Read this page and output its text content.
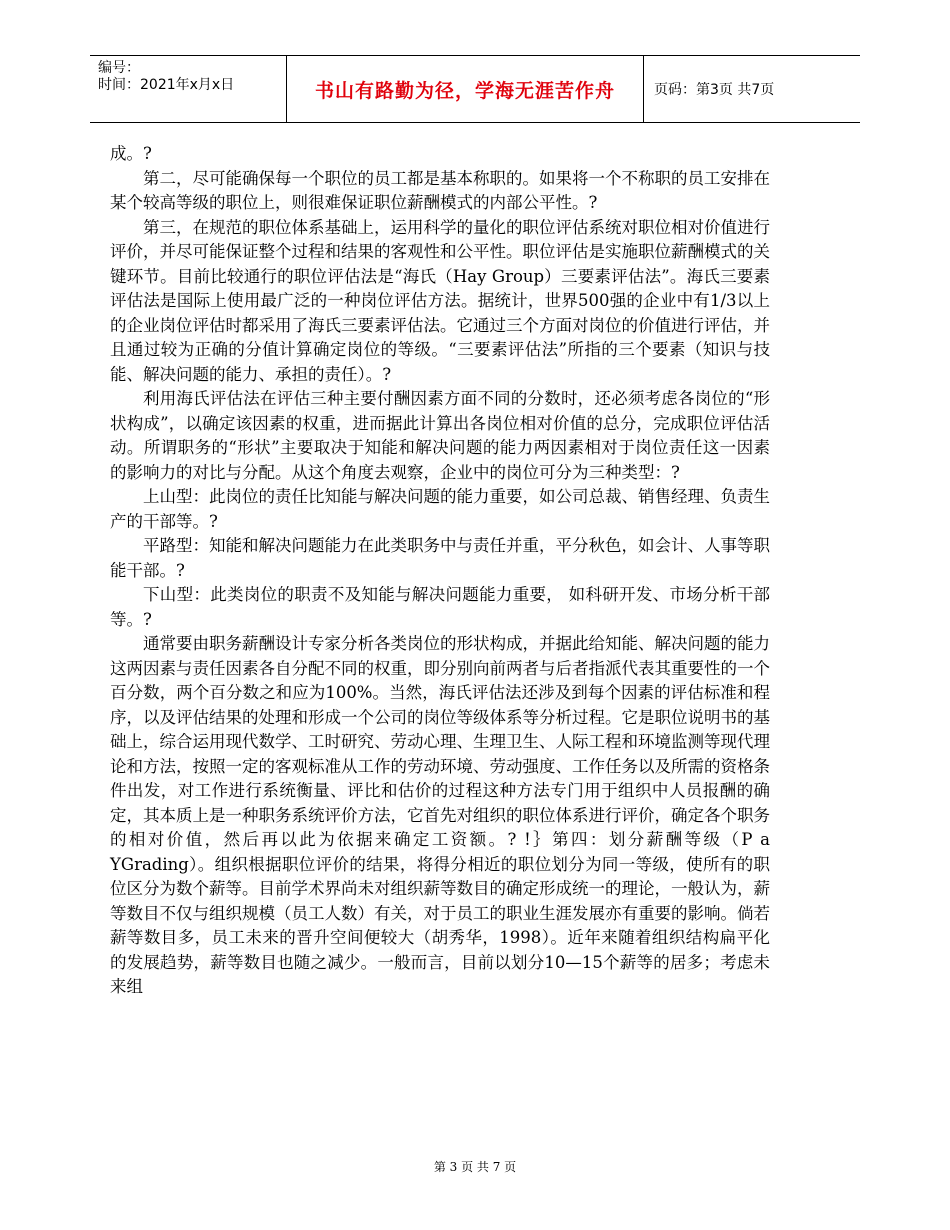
编号：
时间：2021年x月x日	书山有路勤为径，学海无涯苦作舟	页码：第3页 共7页

成。?

第二，尽可能确保每一个职位的员工都是基本称职的。如果将一个不称职的员工安排在某个较高等级的职位上，则很难保证职位薪酬模式的内部公平性。?

第三，在规范的职位体系基础上，运用科学的量化的职位评估系统对职位相对价值进行评价，并尽可能保证整个过程和结果的客观性和公平性。职位评估是实施职位薪酬模式的关键环节。目前比较通行的职位评估法是“海氏（Hay Group）三要素评估法”。海氏三要素评估法是国际上使用最广泛的一种岗位评估方法。据统计，世界500强的企业中有1/3以上的企业岗位评估时都采用了海氏三要素评估法。它通过三个方面对岗位的价值进行评估，并且通过较为正确的分值计算确定岗位的等级。“三要素评估法”所指的三个要素（知识与技能、解决问题的能力、承担的责任）。?

利用海氏评估法在评估三种主要付酬因素方面不同的分数时，还必须考虑各岗位的“形状构成”，以确定该因素的权重，进而据此计算出各岗位相对价值的总分，完成职位评估活动。所谓职务的“形状”主要取决于知能和解决问题的能力两因素相对于岗位责任这一因素的影响力的对比与分配。从这个角度去观察，企业中的岗位可分为三种类型：?

上山型：此岗位的责任比知能与解决问题的能力重要，如公司总裁、销售经理、负责生产的干部等。?

平路型：知能和解决问题能力在此类职务中与责任并重，平分秋色，如会计、人事等职能干部。?

下山型：此类岗位的职责不及知能与解决问题能力重要， 如科研开发、市场分析干部等。?

通常要由职务薪酬设计专家分析各类岗位的形状构成，并据此给知能、解决问题的能力这两因素与责任因素各自分配不同的权重，即分别向前两者与后者指派代表其重要性的一个百分数，两个百分数之和应为100%。当然，海氏评估法还涉及到每个因素的评估标准和程序，以及评估结果的处理和形成一个公司的岗位等级体系等分析过程。它是职位说明书的基础上，综合运用现代数学、工时研究、劳动心理、生理卫生、人际工程和环境监测等现代理论和方法，按照一定的客观标准从工作的劳动环境、劳动强度、工作任务以及所需的资格条件出发，对工作进行系统衡量、评比和估价的过程这种方法专门用于组织中人员报酬的确定，其本质上是一种职务系统评价方法，它首先对组织的职位体系进行评价，确定各个职务的相对价值，然后再以此为依据来确定工资额。? !｝第四：划分薪酬等级（P a YGrading）。组织根据职位评价的结果，将得分相近的职位划分为同一等级，使所有的职位区分为数个薪等。目前学术界尚未对组织薪等数目的确定形成统一的理论，一般认为，薪等数目不仅与组织规模（员工人数）有关，对于员工的职业生涯发展亦有重要的影响。倘若薪等数目多，员工未来的晋升空间便较大（胡秀华，1998）。近年来随着组织结构扁平化的发展趋势，薪等数目也随之减少。一般而言，目前以划分10—15个薪等的居多；考虑未来组

第 3 页 共 7 页
